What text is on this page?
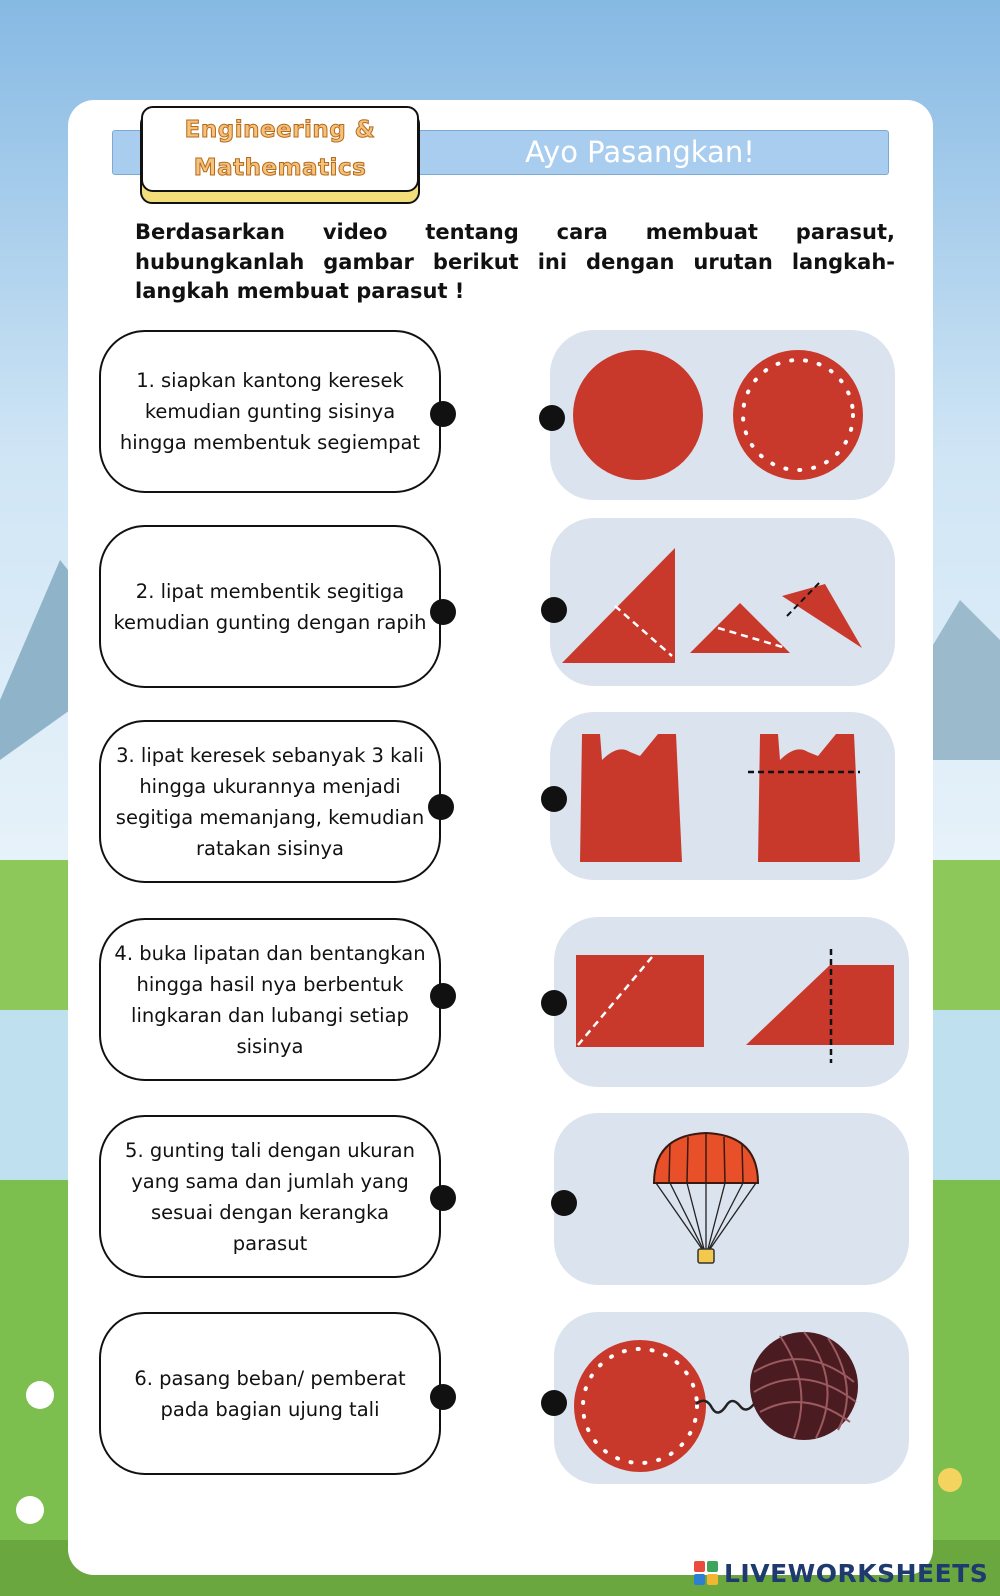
Ayo Pasangkan!
Engineering &
Mathematics
Berdasarkan video tentang cara membuat parasut, hubungkanlah gambar berikut ini dengan urutan langkah-langkah membuat parasut !
1. siapkan kantong keresek kemudian gunting sisinya hingga membentuk segiempat
2. lipat membentik segitiga kemudian gunting dengan rapih
3. lipat keresek sebanyak 3 kali hingga ukurannya menjadi segitiga memanjang, kemudian ratakan sisinya
4. buka lipatan dan bentangkan hingga hasil nya berbentuk lingkaran dan lubangi setiap sisinya
5. gunting tali dengan ukuran yang sama dan jumlah yang sesuai dengan kerangka parasut
6. pasang beban/ pemberat pada bagian ujung tali
LIVEWORKSHEETS
